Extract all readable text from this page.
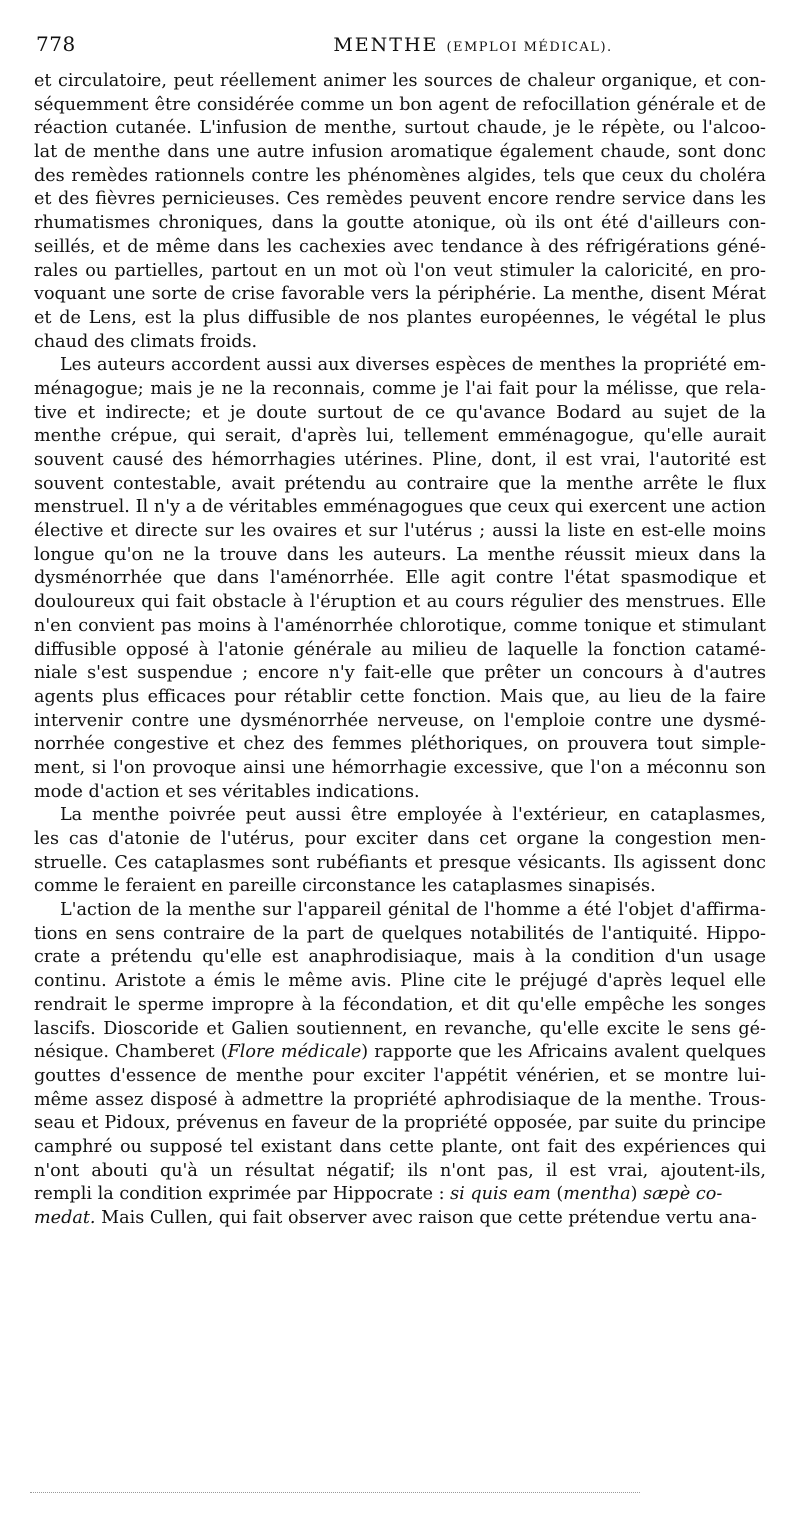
778	MENTHE (EMPLOI MÉDICAL).
et circulatoire, peut réellement animer les sources de chaleur organique, et con-
séquemment être considérée comme un bon agent de refocillation générale et de
réaction cutanée. L'infusion de menthe, surtout chaude, je le répète, ou l'alcoo-
lat de menthe dans une autre infusion aromatique également chaude, sont donc
des remèdes rationnels contre les phénomènes algides, tels que ceux du choléra
et des fièvres pernicieuses. Ces remèdes peuvent encore rendre service dans les
rhumatismes chroniques, dans la goutte atonique, où ils ont été d'ailleurs con-
seillés, et de même dans les cachexies avec tendance à des réfrigérations géné-
rales ou partielles, partout en un mot où l'on veut stimuler la caloricité, en pro-
voquant une sorte de crise favorable vers la périphérie. La menthe, disent Mérat
et de Lens, est la plus diffusible de nos plantes européennes, le végétal le plus
chaud des climats froids.
Les auteurs accordent aussi aux diverses espèces de menthes la propriété em-
ménagogue; mais je ne la reconnais, comme je l'ai fait pour la mélisse, que rela-
tive et indirecte; et je doute surtout de ce qu'avance Bodard au sujet de la
menthe crépue, qui serait, d'après lui, tellement emménagogue, qu'elle aurait
souvent causé des hémorrhagies utérines. Pline, dont, il est vrai, l'autorité est
souvent contestable, avait prétendu au contraire que la menthe arrête le flux
menstruel. Il n'y a de véritables emménagogues que ceux qui exercent une action
élective et directe sur les ovaires et sur l'utérus ; aussi la liste en est-elle moins
longue qu'on ne la trouve dans les auteurs. La menthe réussit mieux dans la
dysménorrhée que dans l'aménorrhée. Elle agit contre l'état spasmodique et
douloureux qui fait obstacle à l'éruption et au cours régulier des menstrues. Elle
n'en convient pas moins à l'aménorrhée chlorotique, comme tonique et stimulant
diffusible opposé à l'atonie générale au milieu de laquelle la fonction catamé-
niale s'est suspendue ; encore n'y fait-elle que prêter un concours à d'autres
agents plus efficaces pour rétablir cette fonction. Mais que, au lieu de la faire
intervenir contre une dysménorrhée nerveuse, on l'emploie contre une dysmé-
norrhée congestive et chez des femmes pléthoriques, on prouvera tout simple-
ment, si l'on provoque ainsi une hémorrhagie excessive, que l'on a méconnu son
mode d'action et ses véritables indications.
La menthe poivrée peut aussi être employée à l'extérieur, en cataplasmes,
les cas d'atonie de l'utérus, pour exciter dans cet organe la congestion men-
struelle. Ces cataplasmes sont rubéfiants et presque vésicants. Ils agissent donc
comme le feraient en pareille circonstance les cataplasmes sinapisés.
L'action de la menthe sur l'appareil génital de l'homme a été l'objet d'affirma-
tions en sens contraire de la part de quelques notabilités de l'antiquité. Hippo-
crate a prétendu qu'elle est anaphrodisiaque, mais à la condition d'un usage
continu. Aristote a émis le même avis. Pline cite le préjugé d'après lequel elle
rendrait le sperme impropre à la fécondation, et dit qu'elle empêche les songes
lascifs. Dioscoride et Galien soutiennent, en revanche, qu'elle excite le sens gé-
nésique. Chamberet (Flore médicale) rapporte que les Africains avalent quelques
gouttes d'essence de menthe pour exciter l'appétit vénérien, et se montre lui-
même assez disposé à admettre la propriété aphrodisiaque de la menthe. Trous-
seau et Pidoux, prévenus en faveur de la propriété opposée, par suite du principe
camphré ou supposé tel existant dans cette plante, ont fait des expériences qui
n'ont abouti qu'à un résultat négatif; ils n'ont pas, il est vrai, ajoutent-ils,
rempli la condition exprimée par Hippocrate : si quis eam (mentha) sæpè co-
medat. Mais Cullen, qui fait observer avec raison que cette prétendue vertu ana-
